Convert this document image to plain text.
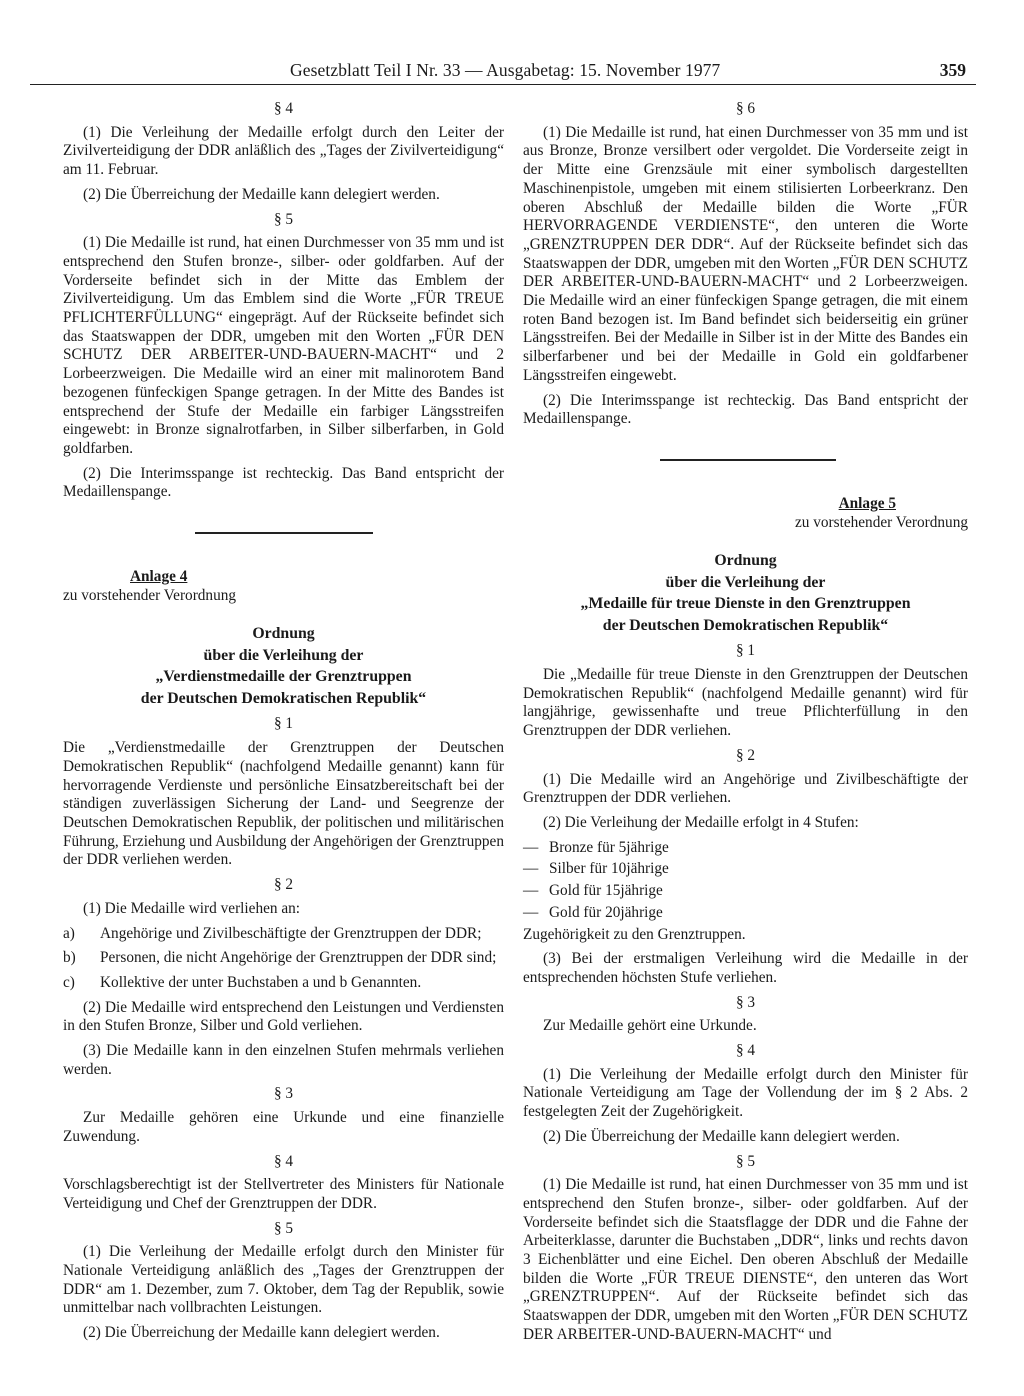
Gesetzblatt Teil I Nr. 33 — Ausgabetag: 15. November 1977	359
§ 4

(1) Die Verleihung der Medaille erfolgt durch den Leiter der Zivilverteidigung der DDR anläßlich des „Tages der Zivilverteidigung“ am 11. Februar.

(2) Die Überreichung der Medaille kann delegiert werden.

§ 5

(1) Die Medaille ist rund, hat einen Durchmesser von 35 mm und ist entsprechend den Stufen bronze-, silber- oder goldfarben. Auf der Vorderseite befindet sich in der Mitte das Emblem der Zivilverteidigung. Um das Emblem sind die Worte „FÜR TREUE PFLICHTERFÜLLUNG“ eingeprägt. Auf der Rückseite befindet sich das Staatswappen der DDR, umgeben mit den Worten „FÜR DEN SCHUTZ DER ARBEITER-UND-BAUERN-MACHT“ und 2 Lorbeerzweigen. Die Medaille wird an einer mit malinorotem Band bezogenen fünfeckigen Spange getragen. In der Mitte des Bandes ist entsprechend der Stufe der Medaille ein farbiger Längsstreifen eingewebt: in Bronze signalrotfarben, in Silber silberfarben, in Gold goldfarben.

(2) Die Interimsspange ist rechteckig. Das Band entspricht der Medaillenspange.

Anlage 4
zu vorstehender Verordnung

Ordnung

über die Verleihung der

„Verdienstmedaille der Grenztruppen

der Deutschen Demokratischen Republik“

§ 1

Die „Verdienstmedaille der Grenztruppen der Deutschen Demokratischen Republik“ (nachfolgend Medaille genannt) kann für hervorragende Verdienste und persönliche Einsatzbereitschaft bei der ständigen zuverlässigen Sicherung der Land- und Seegrenze der Deutschen Demokratischen Republik, der politischen und militärischen Führung, Erziehung und Ausbildung der Angehörigen der Grenztruppen der DDR verliehen werden.

§ 2

(1) Die Medaille wird verliehen an:

a) Angehörige und Zivilbeschäftigte der Grenztruppen der DDR;
b) Personen, die nicht Angehörige der Grenztruppen der DDR sind;
c) Kollektive der unter Buchstaben a und b Genannten.

(2) Die Medaille wird entsprechend den Leistungen und Verdiensten in den Stufen Bronze, Silber und Gold verliehen.

(3) Die Medaille kann in den einzelnen Stufen mehrmals verliehen werden.

§ 3

Zur Medaille gehören eine Urkunde und eine finanzielle Zuwendung.

§ 4

Vorschlagsberechtigt ist der Stellvertreter des Ministers für Nationale Verteidigung und Chef der Grenztruppen der DDR.

§ 5

(1) Die Verleihung der Medaille erfolgt durch den Minister für Nationale Verteidigung anläßlich des „Tages der Grenztruppen der DDR“ am 1. Dezember, zum 7. Oktober, dem Tag der Republik, sowie unmittelbar nach vollbrachten Leistungen.

(2) Die Überreichung der Medaille kann delegiert werden.

§ 6

(1) Die Medaille ist rund, hat einen Durchmesser von 35 mm und ist aus Bronze, Bronze versilbert oder vergoldet. Die Vorderseite zeigt in der Mitte eine Grenzsäule mit einer symbolisch dargestellten Maschinenpistole, umgeben mit einem stilisierten Lorbeerkranz. Den oberen Abschluß der Medaille bilden die Worte „FÜR HERVORRAGENDE VERDIENSTE“, den unteren die Worte „GRENZTRUPPEN DER DDR“. Auf der Rückseite befindet sich das Staatswappen der DDR, umgeben mit den Worten „FÜR DEN SCHUTZ DER ARBEITER-UND-BAUERN-MACHT“ und 2 Lorbeerzweigen. Die Medaille wird an einer fünfeckigen Spange getragen, die mit einem roten Band bezogen ist. Im Band befindet sich beiderseitig ein grüner Längsstreifen. Bei der Medaille in Silber ist in der Mitte des Bandes ein silberfarbener und bei der Medaille in Gold ein goldfarbener Längsstreifen eingewebt.

(2) Die Interimsspange ist rechteckig. Das Band entspricht der Medaillenspange.

Anlage 5
zu vorstehender Verordnung

Ordnung

über die Verleihung der

„Medaille für treue Dienste in den Grenztruppen

der Deutschen Demokratischen Republik“

§ 1

Die „Medaille für treue Dienste in den Grenztruppen der Deutschen Demokratischen Republik“ (nachfolgend Medaille genannt) wird für langjährige, gewissenhafte und treue Pflichterfüllung in den Grenztruppen der DDR verliehen.

§ 2

(1) Die Medaille wird an Angehörige und Zivilbeschäftigte der Grenztruppen der DDR verliehen.

(2) Die Verleihung der Medaille erfolgt in 4 Stufen:

— Bronze für 5jährige
— Silber für 10jährige
— Gold für 15jährige
— Gold für 20jährige

Zugehörigkeit zu den Grenztruppen.

(3) Bei der erstmaligen Verleihung wird die Medaille in der entsprechenden höchsten Stufe verliehen.

§ 3

Zur Medaille gehört eine Urkunde.

§ 4

(1) Die Verleihung der Medaille erfolgt durch den Minister für Nationale Verteidigung am Tage der Vollendung der im § 2 Abs. 2 festgelegten Zeit der Zugehörigkeit.

(2) Die Überreichung der Medaille kann delegiert werden.

§ 5

(1) Die Medaille ist rund, hat einen Durchmesser von 35 mm und ist entsprechend den Stufen bronze-, silber- oder goldfarben. Auf der Vorderseite befindet sich die Staatsflagge der DDR und die Fahne der Arbeiterklasse, darunter die Buchstaben „DDR“, links und rechts davon 3 Eichenblätter und eine Eichel. Den oberen Abschluß der Medaille bilden die Worte „FÜR TREUE DIENSTE“, den unteren das Wort „GRENZTRUPPEN“. Auf der Rückseite befindet sich das Staatswappen der DDR, umgeben mit den Worten „FÜR DEN SCHUTZ DER ARBEITER-UND-BAUERN-MACHT“ und
